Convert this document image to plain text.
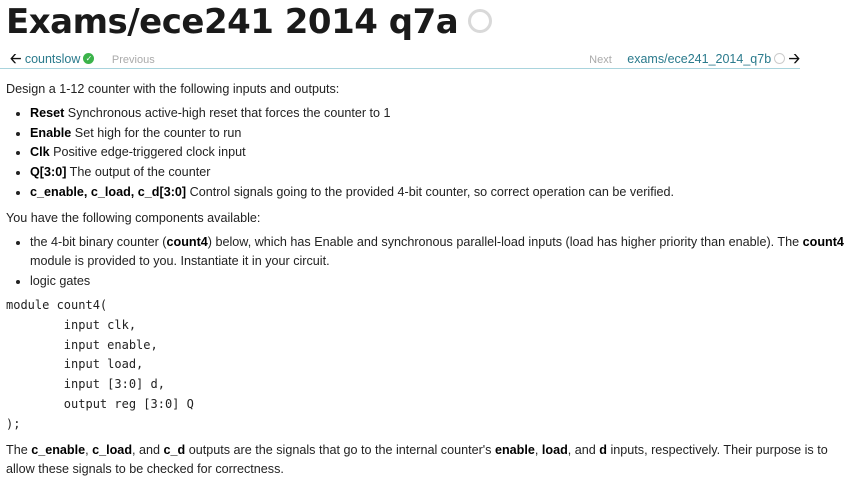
Exams/ece241 2014 q7a
🡠 countslow ✓ Previous	Next exams/ece241_2014_q7b 🡢

Design a 1-12 counter with the following inputs and outputs:

• Reset Synchronous active-high reset that forces the counter to 1
• Enable Set high for the counter to run
• Clk Positive edge-triggered clock input
• Q[3:0] The output of the counter
• c_enable, c_load, c_d[3:0] Control signals going to the provided 4-bit counter, so correct operation can be verified.

You have the following components available:

• the 4-bit binary counter (count4) below, which has Enable and synchronous parallel-load inputs (load has higher priority than enable). The count4
module is provided to you. Instantiate it in your circuit.
• logic gates
module count4(
input clk,
input enable,
input load,
input [3:0] d,
output reg [3:0] Q
);

The c_enable, c_load, and c_d outputs are the signals that go to the internal counter's enable, load, and d inputs, respectively. Their purpose is to

allow these signals to be checked for correctness.
